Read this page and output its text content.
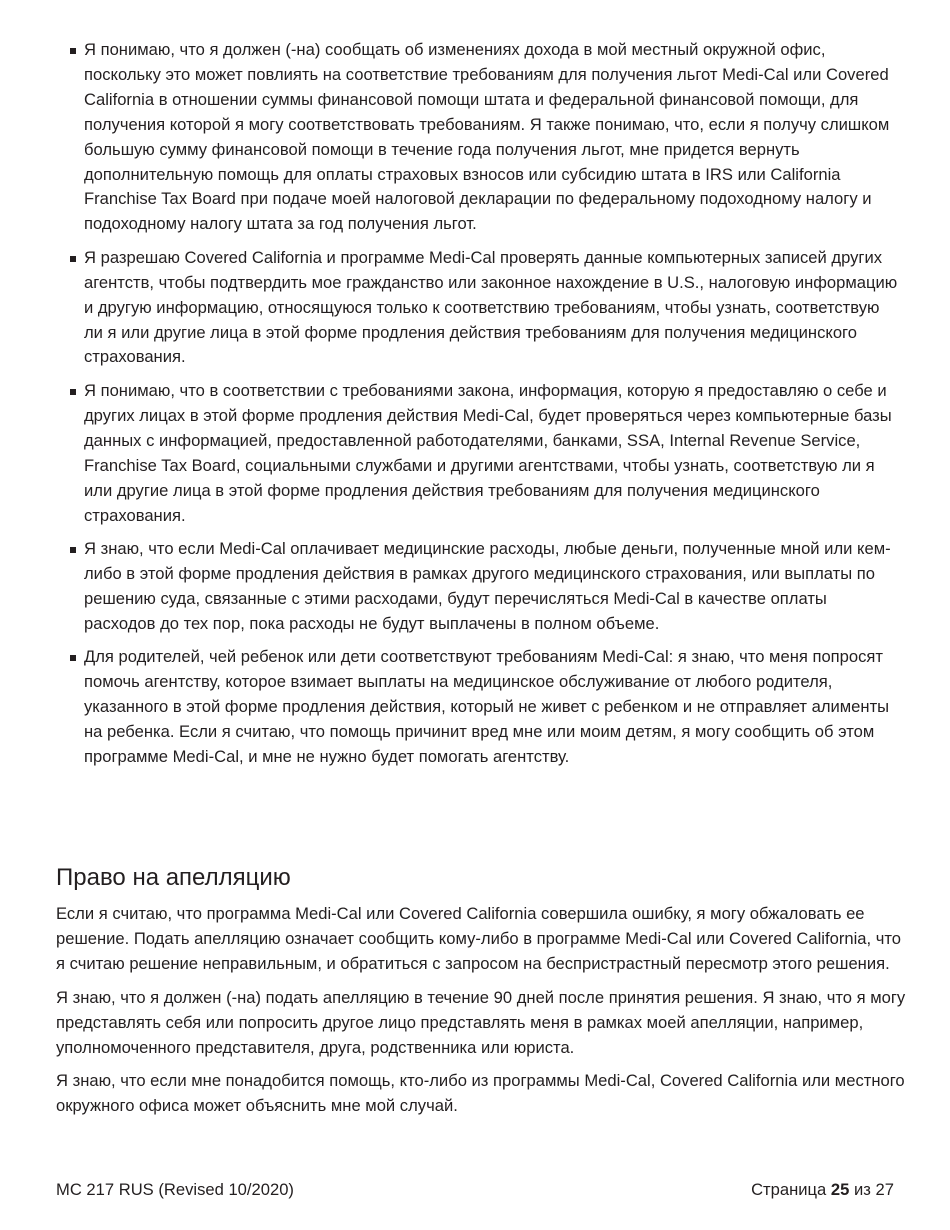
Я понимаю, что я должен (-на) сообщать об изменениях дохода в мой местный окружной офис, поскольку это может повлиять на соответствие требованиям для получения льгот Medi-Cal или Covered California в отношении суммы финансовой помощи штата и федеральной финансовой помощи, для получения которой я могу соответствовать требованиям. Я также понимаю, что, если я получу слишком большую сумму финансовой помощи в течение года получения льгот, мне придется вернуть дополнительную помощь для оплаты страховых взносов или субсидию штата в IRS или California Franchise Tax Board при подаче моей налоговой декларации по федеральному подоходному налогу и подоходному налогу штата за год получения льгот.
Я разрешаю Covered California и программе Medi-Cal проверять данные компьютерных записей других агентств, чтобы подтвердить мое гражданство или законное нахождение в U.S., налоговую информацию и другую информацию, относящуюся только к соответствию требованиям, чтобы узнать, соответствую ли я или другие лица в этой форме продления действия требованиям для получения медицинского страхования.
Я понимаю, что в соответствии с требованиями закона, информация, которую я предоставляю о себе и других лицах в этой форме продления действия Medi-Cal, будет проверяться через компьютерные базы данных с информацией, предоставленной работодателями, банками, SSA, Internal Revenue Service, Franchise Tax Board, социальными службами и другими агентствами, чтобы узнать, соответствую ли я или другие лица в этой форме продления действия требованиям для получения медицинского страхования.
Я знаю, что если Medi-Cal оплачивает медицинские расходы, любые деньги, полученные мной или кем-либо в этой форме продления действия в рамках другого медицинского страхования, или выплаты по решению суда, связанные с этими расходами, будут перечисляться Medi-Cal в качестве оплаты расходов до тех пор, пока расходы не будут выплачены в полном объеме.
Для родителей, чей ребенок или дети соответствуют требованиям Medi-Cal: я знаю, что меня попросят помочь агентству, которое взимает выплаты на медицинское обслуживание от любого родителя, указанного в этой форме продления действия, который не живет с ребенком и не отправляет алименты на ребенка. Если я считаю, что помощь причинит вред мне или моим детям, я могу сообщить об этом программе Medi-Cal, и мне не нужно будет помогать агентству.
Право на апелляцию

Если я считаю, что программа Medi-Cal или Covered California совершила ошибку, я могу обжаловать ее решение. Подать апелляцию означает сообщить кому-либо в программе Medi-Cal или Covered California, что я считаю решение неправильным, и обратиться с запросом на беспристрастный пересмотр этого решения.

Я знаю, что я должен (-на) подать апелляцию в течение 90 дней после принятия решения. Я знаю, что я могу представлять себя или попросить другое лицо представлять меня в рамках моей апелляции, например, уполномоченного представителя, друга, родственника или юриста.

Я знаю, что если мне понадобится помощь, кто-либо из программы Medi-Cal, Covered California или местного окружного офиса может объяснить мне мой случай.

MC 217 RUS (Revised 10/2020)	Страница 25 из 27
